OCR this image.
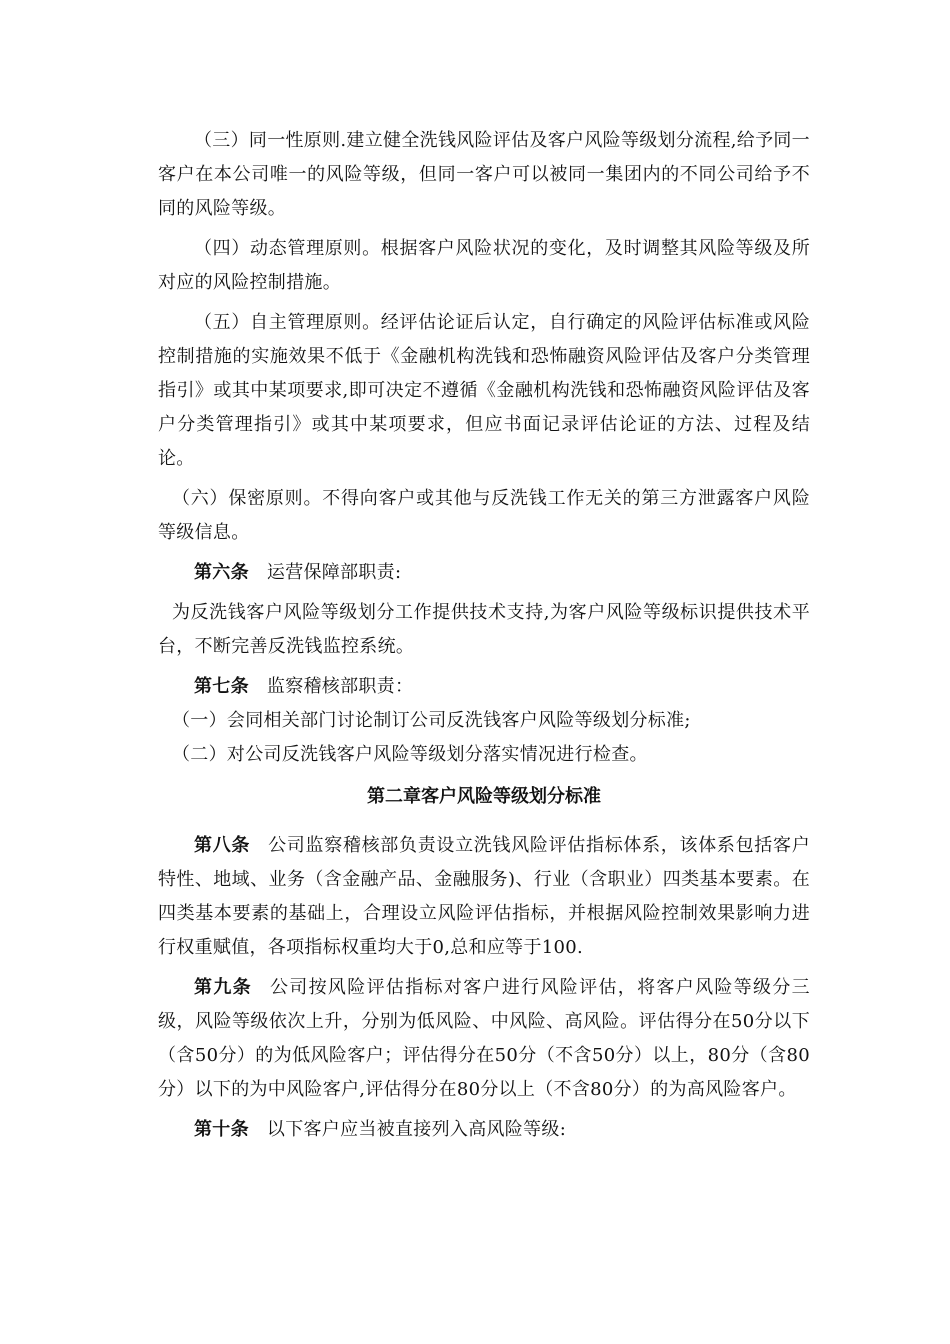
（三）同一性原则.建立健全洗钱风险评估及客户风险等级划分流程,给予同一客户在本公司唯一的风险等级，但同一客户可以被同一集团内的不同公司给予不同的风险等级。

（四）动态管理原则。根据客户风险状况的变化，及时调整其风险等级及所对应的风险控制措施。

（五）自主管理原则。经评估论证后认定，自行确定的风险评估标准或风险控制措施的实施效果不低于《金融机构洗钱和恐怖融资风险评估及客户分类管理指引》或其中某项要求,即可决定不遵循《金融机构洗钱和恐怖融资风险评估及客户分类管理指引》或其中某项要求，但应书面记录评估论证的方法、过程及结论。

（六）保密原则。不得向客户或其他与反洗钱工作无关的第三方泄露客户风险等级信息。

第六条 运营保障部职责:

为反洗钱客户风险等级划分工作提供技术支持,为客户风险等级标识提供技术平台，不断完善反洗钱监控系统。

第七条 监察稽核部职责：

（一）会同相关部门讨论制订公司反洗钱客户风险等级划分标准;

（二）对公司反洗钱客户风险等级划分落实情况进行检查。

第二章客户风险等级划分标准

第八条 公司监察稽核部负责设立洗钱风险评估指标体系，该体系包括客户特性、地域、业务（含金融产品、金融服务)、行业（含职业）四类基本要素。在四类基本要素的基础上，合理设立风险评估指标，并根据风险控制效果影响力进行权重赋值，各项指标权重均大于0,总和应等于100.

第九条 公司按风险评估指标对客户进行风险评估，将客户风险等级分三级，风险等级依次上升，分别为低风险、中风险、高风险。评估得分在50分以下（含50分）的为低风险客户；评估得分在50分（不含50分）以上，80分（含80分）以下的为中风险客户,评估得分在80分以上（不含80分）的为高风险客户。

第十条 以下客户应当被直接列入高风险等级:
